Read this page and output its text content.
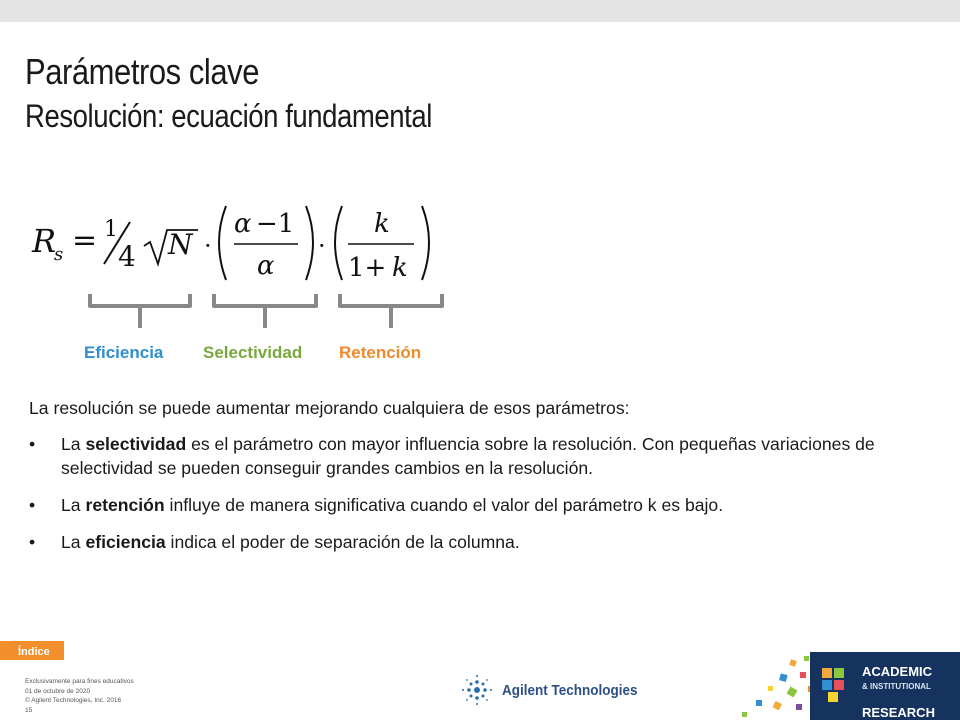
Parámetros clave
Resolución: ecuación fundamental
R
s = 1
4 N ·
α −1
α
·
k
1+ k
Eficiencia Selectividad Retención

La resolución se puede aumentar mejorando cualquiera de esos parámetros:

• La selectividad es el parámetro con mayor influencia sobre la resolución. Con pequeñas variaciones de selectividad se pueden conseguir grandes cambios en la resolución.
• La retención influye de manera significativa cuando el valor del parámetro k es bajo.
• La eficiencia indica el poder de separación de la columna.
Índice
Exclusivamente para fines educativos
01 de octubre de 2020
© Agilent Technologies, Inc. 2016
15
Agilent Technologies
ACADEMIC
& INSTITUTIONAL
RESEARCH
